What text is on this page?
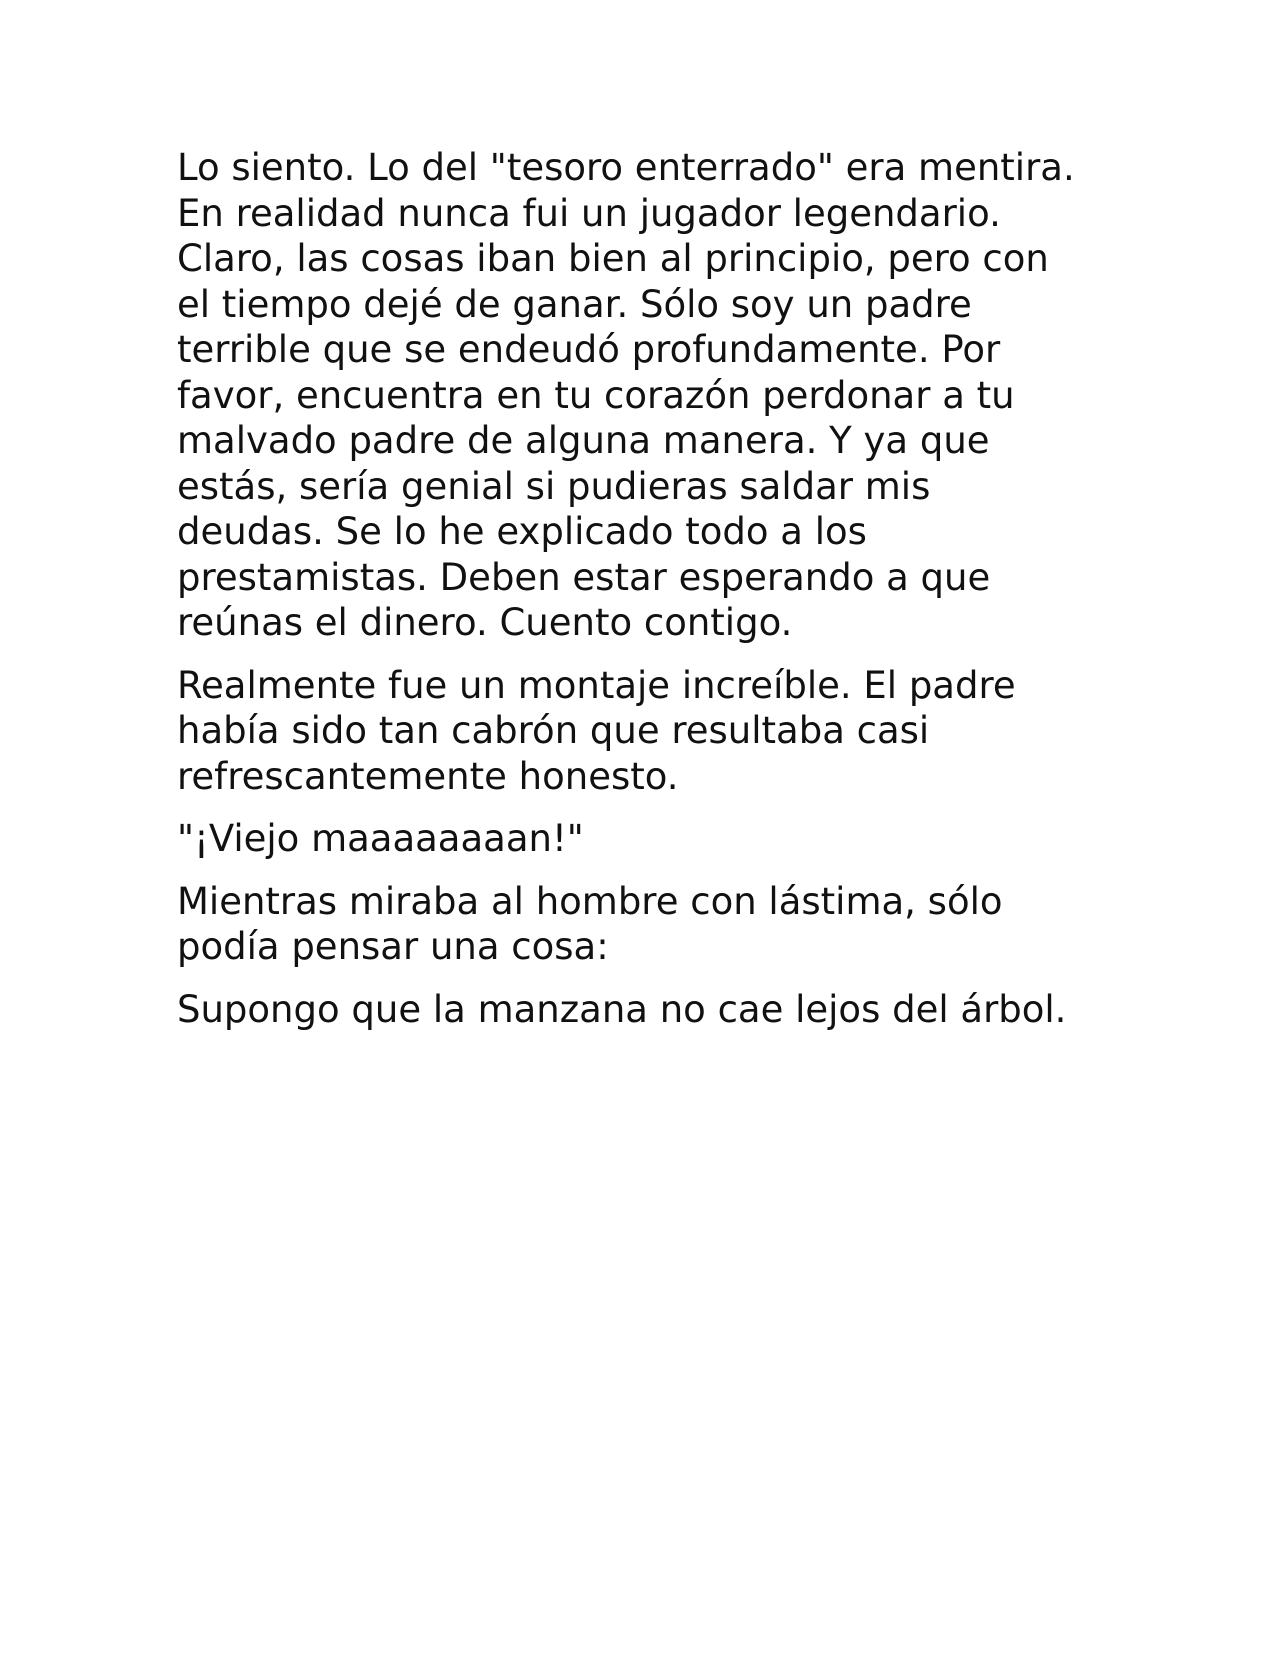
Lo siento. Lo del "tesoro enterrado" era mentira.
En realidad nunca fui un jugador legendario.
Claro, las cosas iban bien al principio, pero con
el tiempo dejé de ganar. Sólo soy un padre
terrible que se endeudó profundamente. Por
favor, encuentra en tu corazón perdonar a tu
malvado padre de alguna manera. Y ya que
estás, sería genial si pudieras saldar mis
deudas. Se lo he explicado todo a los
prestamistas. Deben estar esperando a que
reúnas el dinero. Cuento contigo.

Realmente fue un montaje increíble. El padre
había sido tan cabrón que resultaba casi
refrescantemente honesto.

"¡Viejo maaaaaaaan!"

Mientras miraba al hombre con lástima, sólo
podía pensar una cosa:

Supongo que la manzana no cae lejos del árbol.
